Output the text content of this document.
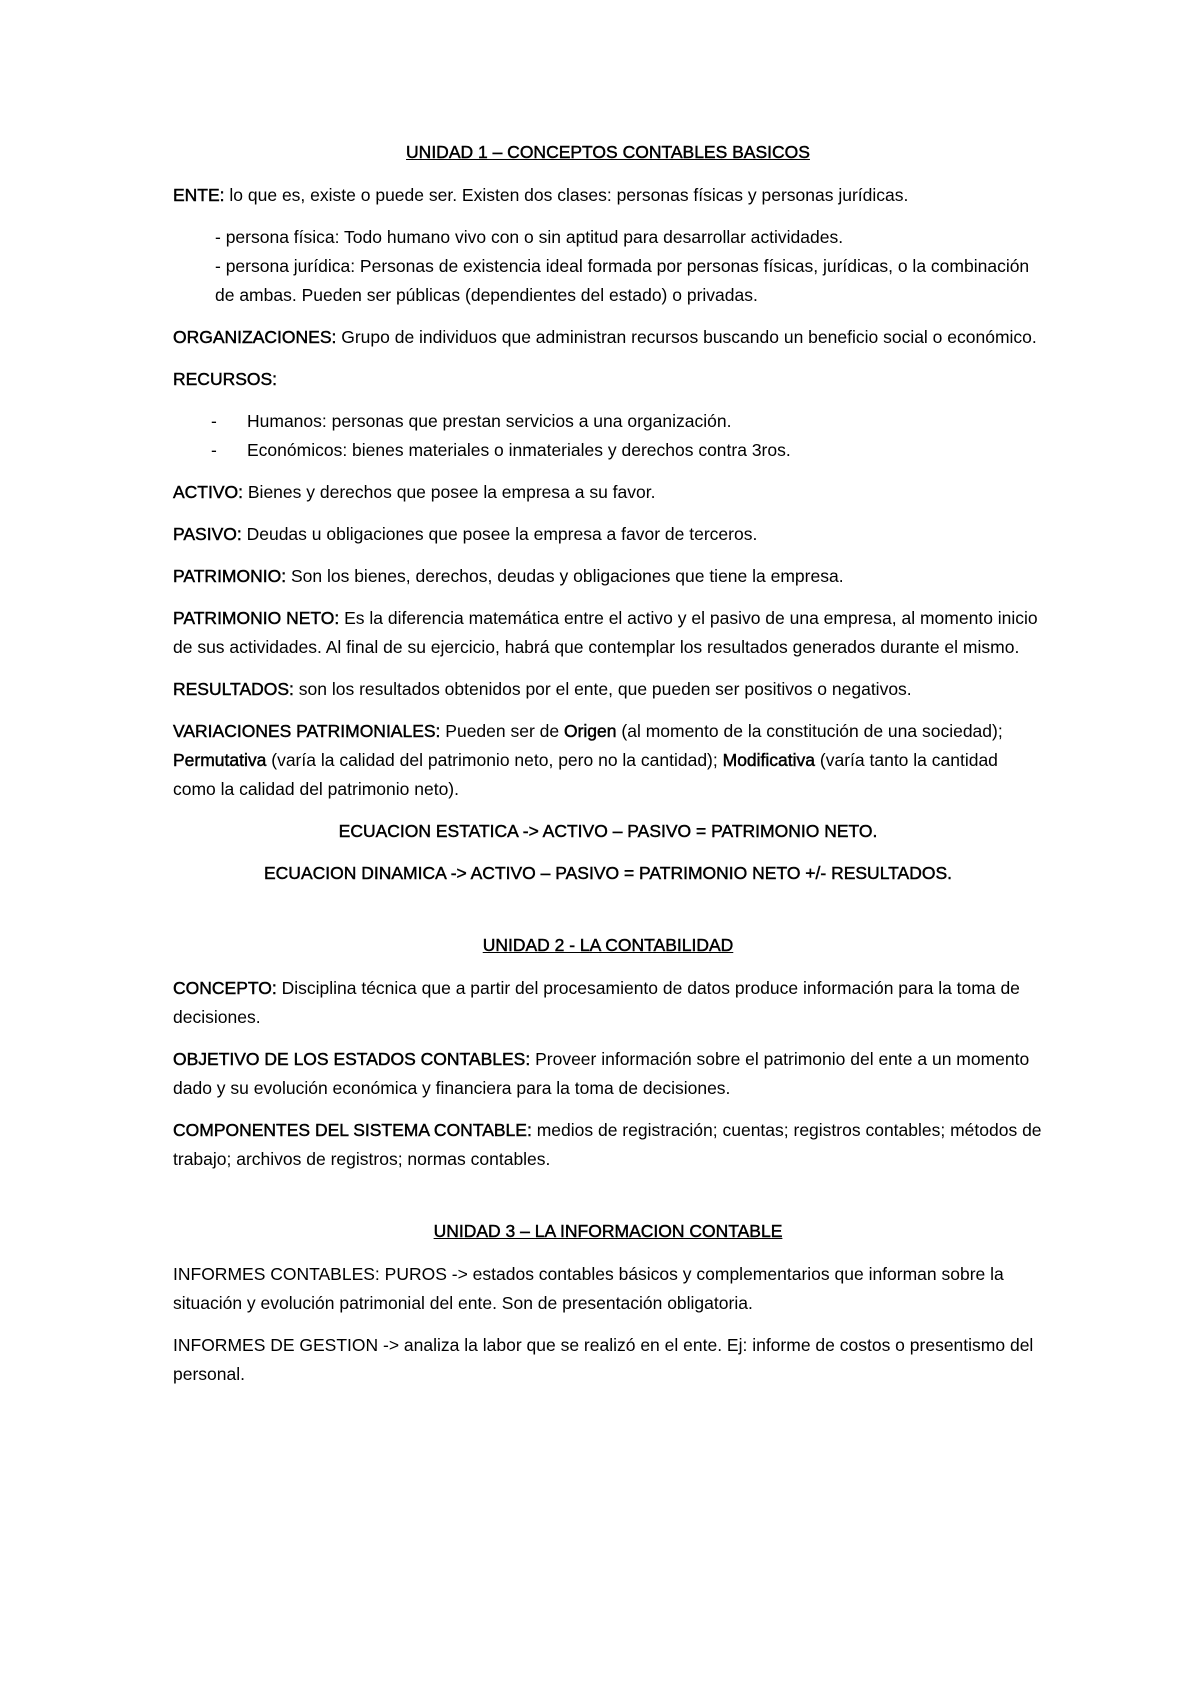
UNIDAD 1 – CONCEPTOS CONTABLES BASICOS
ENTE: lo que es, existe o puede ser. Existen dos clases: personas físicas y personas jurídicas.
- persona física: Todo humano vivo con o sin aptitud para desarrollar actividades.
- persona jurídica: Personas de existencia ideal formada por personas físicas, jurídicas, o la combinación de ambas. Pueden ser públicas (dependientes del estado) o privadas.
ORGANIZACIONES: Grupo de individuos que administran recursos buscando un beneficio social o económico.
RECURSOS:
- Humanos: personas que prestan servicios a una organización.
- Económicos: bienes materiales o inmateriales y derechos contra 3ros.
ACTIVO: Bienes y derechos que posee la empresa a su favor.
PASIVO: Deudas u obligaciones que posee la empresa a favor de terceros.
PATRIMONIO: Son los bienes, derechos, deudas y obligaciones que tiene la empresa.
PATRIMONIO NETO: Es la diferencia matemática entre el activo y el pasivo de una empresa, al momento inicio de sus actividades. Al final de su ejercicio, habrá que contemplar los resultados generados durante el mismo.
RESULTADOS: son los resultados obtenidos por el ente, que pueden ser positivos o negativos.
VARIACIONES PATRIMONIALES: Pueden ser de Origen (al momento de la constitución de una sociedad); Permutativa (varía la calidad del patrimonio neto, pero no la cantidad); Modificativa (varía tanto la cantidad como la calidad del patrimonio neto).
ECUACION ESTATICA -> ACTIVO – PASIVO = PATRIMONIO NETO.
ECUACION DINAMICA -> ACTIVO – PASIVO = PATRIMONIO NETO +/- RESULTADOS.
UNIDAD 2 - LA CONTABILIDAD
CONCEPTO: Disciplina técnica que a partir del procesamiento de datos produce información para la toma de decisiones.
OBJETIVO DE LOS ESTADOS CONTABLES: Proveer información sobre el patrimonio del ente a un momento dado y su evolución económica y financiera para la toma de decisiones.
COMPONENTES DEL SISTEMA CONTABLE: medios de registración; cuentas; registros contables; métodos de trabajo; archivos de registros; normas contables.
UNIDAD 3 – LA INFORMACION CONTABLE
INFORMES CONTABLES: PUROS -> estados contables básicos y complementarios que informan sobre la situación y evolución patrimonial del ente. Son de presentación obligatoria.
INFORMES DE GESTION -> analiza la labor que se realizó en el ente. Ej: informe de costos o presentismo del personal.
